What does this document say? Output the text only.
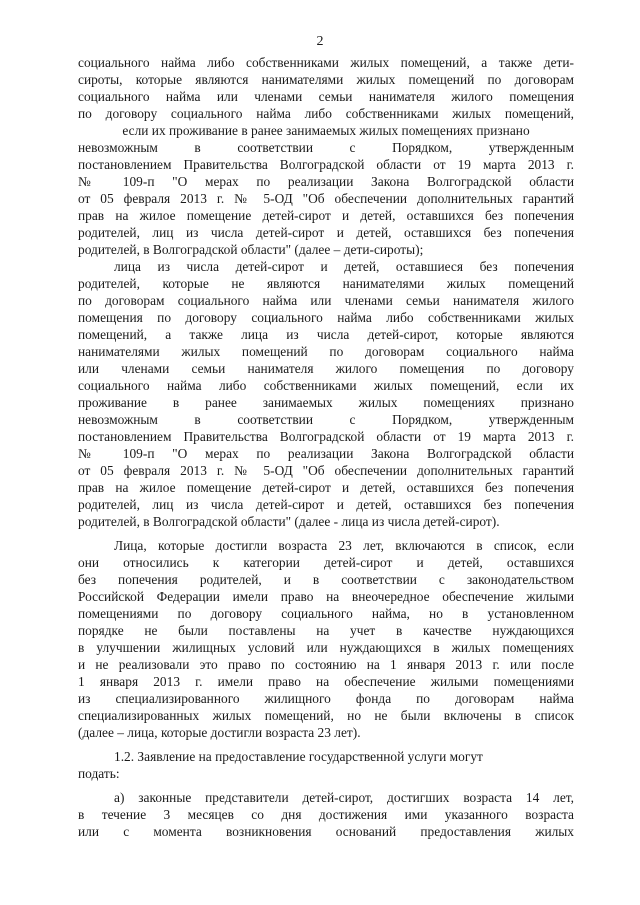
2
социального найма либо собственниками жилых помещений, а также дети-
сироты, которые являются нанимателями жилых помещений по договорам
социального найма или членами семьи нанимателя жилого помещения
по договору социального найма либо собственниками жилых помещений,
если их проживание в ранее занимаемых жилых помещениях признано
невозможным в соответствии с Порядком, утвержденным
постановлением Правительства Волгоградской области от 19 марта 2013 г.
№ 109-п "О мерах по реализации Закона Волгоградской области
от 05 февраля 2013 г. № 5-ОД "Об обеспечении дополнительных гарантий
прав на жилое помещение детей-сирот и детей, оставшихся без попечения
родителей, лиц из числа детей-сирот и детей, оставшихся без попечения
родителей, в Волгоградской области" (далее – дети-сироты);
лица из числа детей-сирот и детей, оставшиеся без попечения
родителей, которые не являются нанимателями жилых помещений
по договорам социального найма или членами семьи нанимателя жилого
помещения по договору социального найма либо собственниками жилых
помещений, а также лица из числа детей-сирот, которые являются
нанимателями жилых помещений по договорам социального найма
или членами семьи нанимателя жилого помещения по договору
социального найма либо собственниками жилых помещений, если их
проживание в ранее занимаемых жилых помещениях признано
невозможным в соответствии с Порядком, утвержденным
постановлением Правительства Волгоградской области от 19 марта 2013 г.
№ 109-п "О мерах по реализации Закона Волгоградской области
от 05 февраля 2013 г. № 5-ОД "Об обеспечении дополнительных гарантий
прав на жилое помещение детей-сирот и детей, оставшихся без попечения
родителей, лиц из числа детей-сирот и детей, оставшихся без попечения
родителей, в Волгоградской области" (далее - лица из числа детей-сирот).
Лица, которые достигли возраста 23 лет, включаются в список, если
они относились к категории детей-сирот и детей, оставшихся
без попечения родителей, и в соответствии с законодательством
Российской Федерации имели право на внеочередное обеспечение жилыми
помещениями по договору социального найма, но в установленном
порядке не были поставлены на учет в качестве нуждающихся
в улучшении жилищных условий или нуждающихся в жилых помещениях
и не реализовали это право по состоянию на 1 января 2013 г. или после
1 января 2013 г. имели право на обеспечение жилыми помещениями
из специализированного жилищного фонда по договорам найма
специализированных жилых помещений, но не были включены в список
(далее – лица, которые достигли возраста 23 лет).
1.2. Заявление на предоставление государственной услуги могут
подать:
а) законные представители детей-сирот, достигших возраста 14 лет,
в течение 3 месяцев со дня достижения ими указанного возраста
или с момента возникновения оснований предоставления жилых
